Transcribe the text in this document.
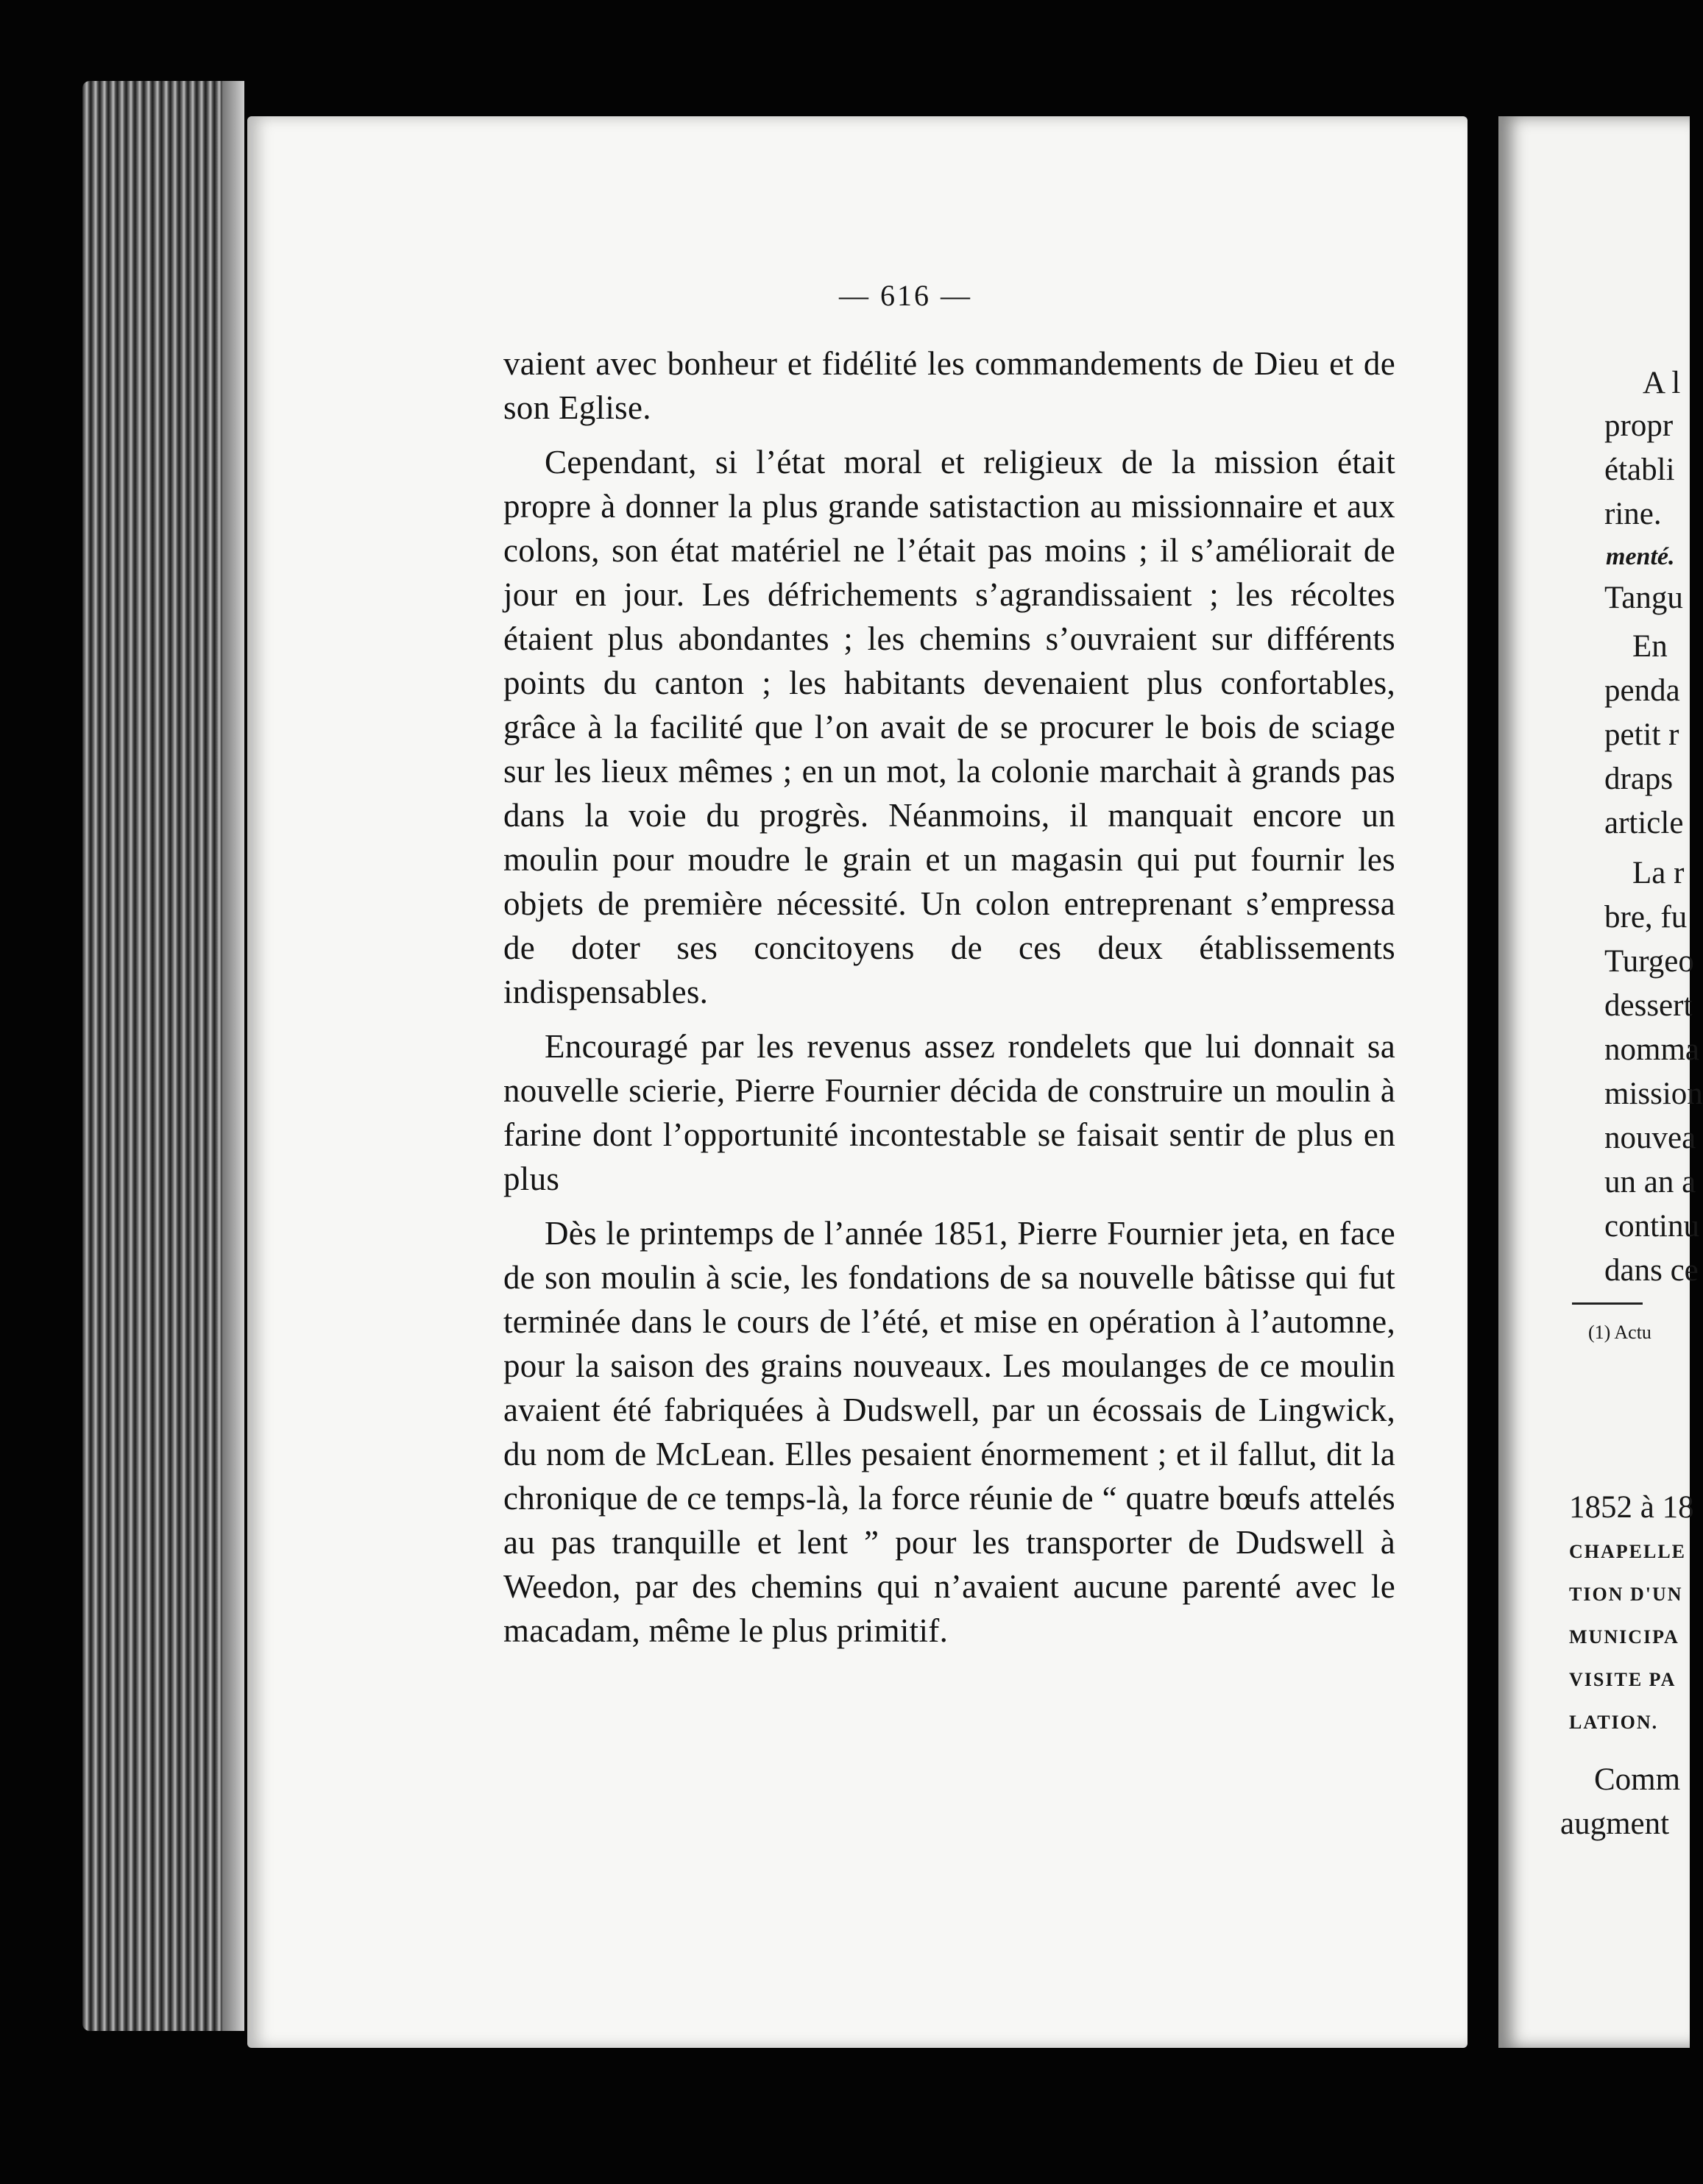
— 616 —

vaient avec bonheur et fidélité les commandements de Dieu et de son Eglise.

Cependant, si l’état moral et religieux de la mission était propre à donner la plus grande satistaction au missionnaire et aux colons, son état matériel ne l’était pas moins ; il s’améliorait de jour en jour. Les défrichements s’agrandissaient ; les récoltes étaient plus abondantes ; les chemins s’ouvraient sur différents points du canton ; les habitants devenaient plus confortables, grâce à la facilité que l’on avait de se procurer le bois de sciage sur les lieux mêmes ; en un mot, la colonie marchait à grands pas dans la voie du progrès. Néanmoins, il manquait encore un moulin pour moudre le grain et un magasin qui put fournir les objets de première nécessité. Un colon entreprenant s’empressa de doter ses concitoyens de ces deux établissements indispensables.

Encouragé par les revenus assez rondelets que lui donnait sa nouvelle scierie, Pierre Fournier décida de construire un moulin à farine dont l’opportunité incontestable se faisait sentir de plus en plus

Dès le printemps de l’année 1851, Pierre Fournier jeta, en face de son moulin à scie, les fondations de sa nouvelle bâtisse qui fut terminée dans le cours de l’été, et mise en opération à l’automne, pour la saison des grains nouveaux. Les moulanges de ce moulin avaient été fabriquées à Dudswell, par un écossais de Lingwick, du nom de McLean. Elles pesaient énormement ; et il fallut, dit la chronique de ce temps-là, la force réunie de “ quatre bœufs attelés au pas tranquille et lent ” pour les transporter de Dudswell à Weedon, par des chemins qui n’avaient aucune parenté avec le macadam, même le plus primitif.

A l
propr
établi
rine.
menté.
Tangu
En
penda
petit r
draps
article
La r
bre, fu
Turgeo
dessert
nomma
mission
nouvea
un an a
continu
dans ce
(1) Actu
1852 à 18
CHAPELLE
TION D'UN
MUNICIPA
VISITE PA
LATION.
Comm
augment
